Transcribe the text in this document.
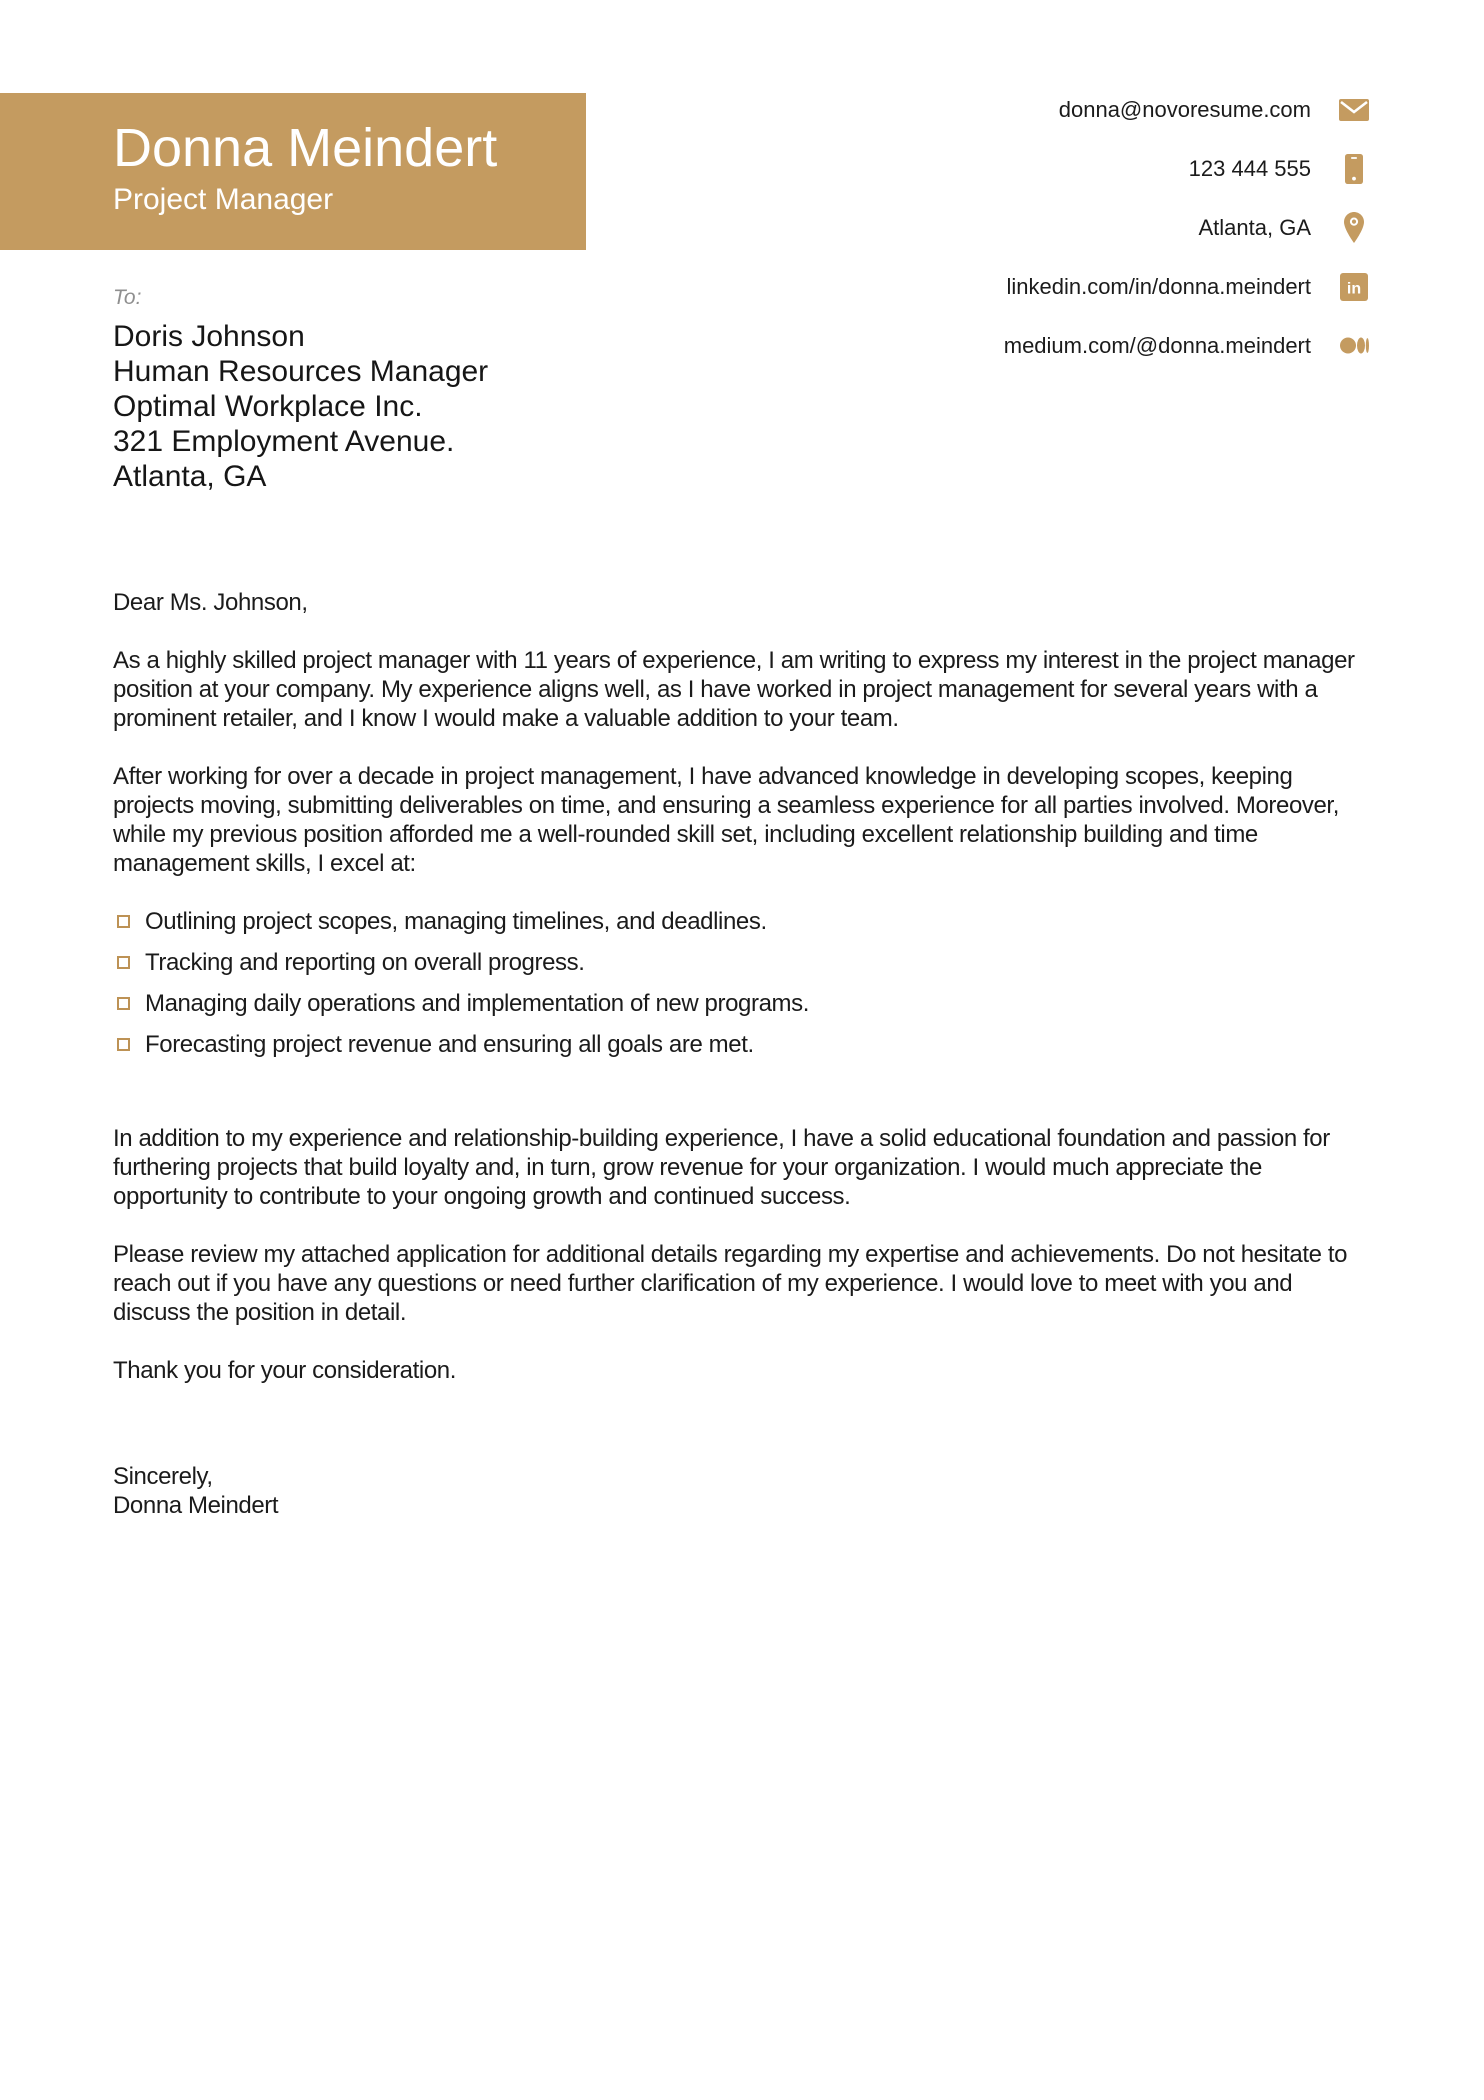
Donna Meindert
Project Manager
donna@novoresume.com
123 444 555
Atlanta, GA
linkedin.com/in/donna.meindert in
medium.com/@donna.meindert
To:
Doris Johnson
Human Resources Manager
Optimal Workplace Inc.
321 Employment Avenue.
Atlanta, GA

Dear Ms. Johnson,

As a highly skilled project manager with 11 years of experience, I am writing to express my interest in the project manager position at your company. My experience aligns well, as I have worked in project management for several years with a prominent retailer, and I know I would make a valuable addition to your team.

After working for over a decade in project management, I have advanced knowledge in developing scopes, keeping projects moving, submitting deliverables on time, and ensuring a seamless experience for all parties involved. Moreover, while my previous position afforded me a well-rounded skill set, including excellent relationship building and time management skills, I excel at:

Outlining project scopes, managing timelines, and deadlines.
Tracking and reporting on overall progress.
Managing daily operations and implementation of new programs.
Forecasting project revenue and ensuring all goals are met.

In addition to my experience and relationship-building experience, I have a solid educational foundation and passion for furthering projects that build loyalty and, in turn, grow revenue for your organization. I would much appreciate the opportunity to contribute to your ongoing growth and continued success.

Please review my attached application for additional details regarding my expertise and achievements. Do not hesitate to reach out if you have any questions or need further clarification of my experience. I would love to meet with you and discuss the position in detail.

Thank you for your consideration.

Sincerely,

Donna Meindert
